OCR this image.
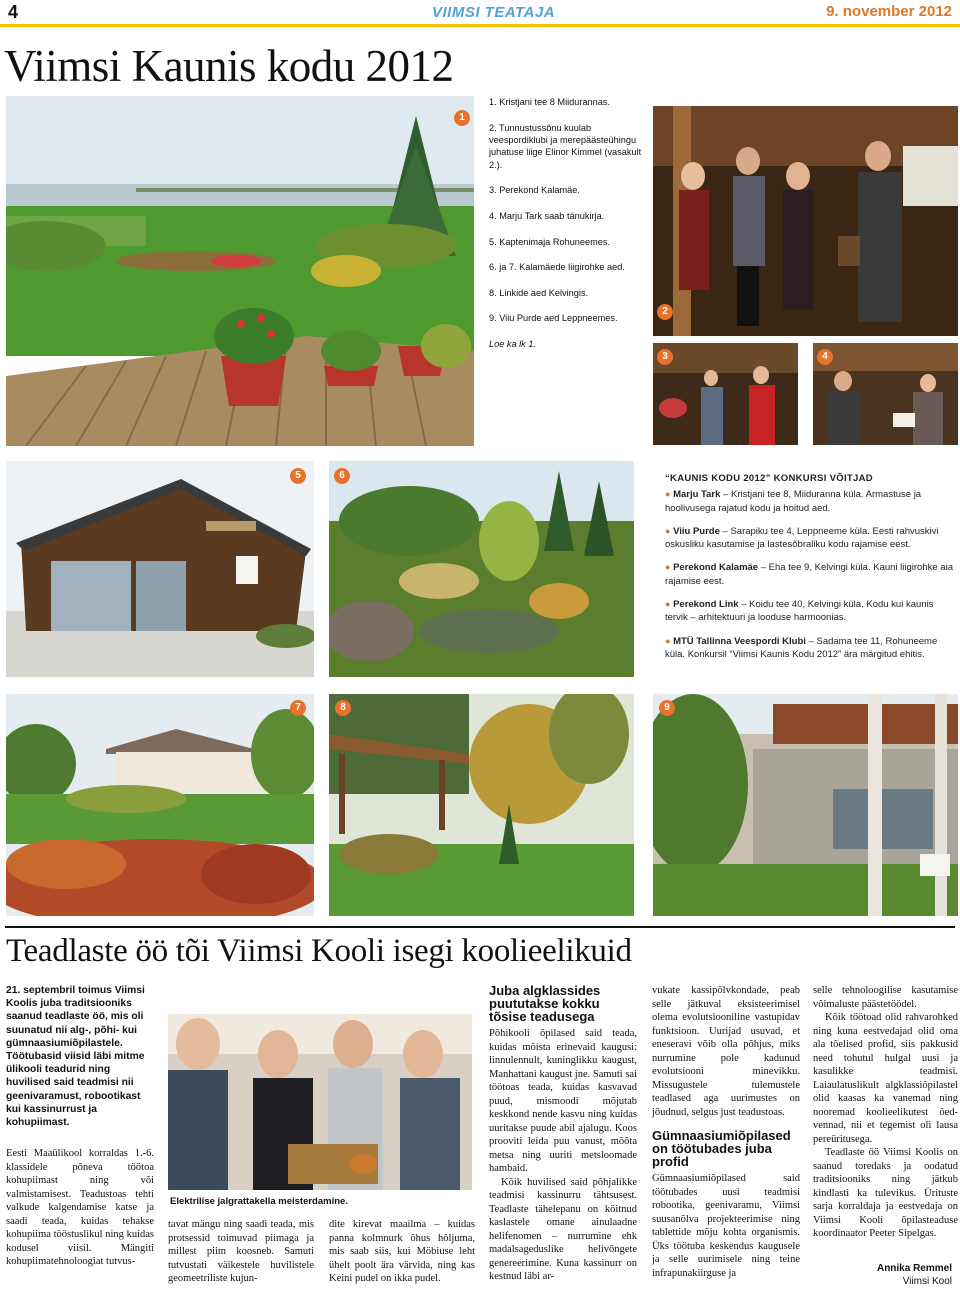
4	VIIMSI TEATAJA	9. november 2012
Viimsi Kaunis kodu 2012
1
1. Kristjani tee 8 Miidurannas.
2. Tunnustussõnu kuulab veespordiklubi ja merepäästeühingu juhatuse liige Elinor Kimmel (vasakult 2.).
3. Perekond Kalamäe.
4. Marju Tark saab tänukirja.
5. Kaptenimaja Rohuneemes.
6. ja 7. Kalamäede liigirohke aed.
8. Linkide aed Kelvingis.
9. Viiu Purde aed Leppneemes.
Loe ka lk 1.
2
3	4
5	6	“KAUNIS KODU 2012” KONKURSI VÕITJAD
● Marju Tark – Kristjani tee 8, Miiduranna küla. Armastuse ja hoolivusega rajatud kodu ja hoitud aed.
● Viiu Purde – Sarapiku tee 4, Leppneeme küla. Eesti rahvuskivi oskusliku kasutamise ja lastesõbraliku kodu rajamise eest.
● Perekond Kalamäe – Eha tee 9, Kelvingi küla. Kauni liigirohke aia rajamise eest.
● Perekond Link – Koidu tee 40, Kelvingi küla. Kodu kui kaunis tervik – arhitektuuri ja looduse harmoonias.
● MTÜ Tallinna Veespordi Klubi – Sadama tee 11, Rohuneeme küla. Konkursil “Viimsi Kaunis Kodu 2012” ära märgitud ehitis.
7	8	9
Teadlaste öö tõi Viimsi Kooli isegi koolieelikuid
21. septembril toimus Viimsi Koolis juba traditsiooniks saanud teadlaste öö, mis oli suunatud nii alg-, põhi- kui gümnaasiumiõpilastele. Töötubasid viisid läbi mitme ülikooli teadurid ning huvilised said teadmisi nii geenivaramust, robootikast kui kassinurrust ja kohupiimast.
Eesti Maaülikool korraldas 1.-6. klassidele põneva töötoa kohupiimast ning või valmistamisest. Teadustoas tehti valkude kalgendamise katse ja saadi teada, kuidas tehakse kohupiima tööstuslikul ning kuidas kodusel viisil. Mängiti kohupiimatehnoloogiat tutvus-
Elektrilise jalgrattakella meisterdamine.
tavat mängu ning saadi teada, mis protsessid toimuvad piimaga ja millest piim koosneb. Samuti tutvustati väikestele huvilistele geomeetriliste kujun-
dite kirevat maailma – kuidas panna kolmnurk õhus hõljuma, mis saab siis, kui Möbiuse leht ühelt poolt ära värvida, ning kas Keini pudel on ikka pudel.
Juba algklassides puututakse kokku tõsise teadusega
Põhikooli õpilased said teada, kuidas mõista erinevaid kaugusi: linnulennult, kuninglikku kaugust, Manhattani kaugust jne. Samuti sai töötoas teada, kuidas kasvavad puud, mismoodi mõjutab keskkond nende kasvu ning kuidas uuritakse puude abil ajalugu. Koos prooviti leida puu vanust, mõõta metsa ning uuriti metsloomade hambaid.
Kõik huvilised said põhjalikke teadmisi kassinurru tähtsusest. Teadlaste tähelepanu on köitnud kaslastele omane ainulaadne helifenomen – nurrumine ehk madalsageduslike helivõngete genereerimine. Kuna kassinurr on kestnud läbi ar-
vukate kassipõlvkondade, peab selle jätkuval eksisteerimisel olema evolutsiooniline vastupidav funktsioon. Uurijad usuvad, et eneseravi võib olla põhjus, miks nurrumine pole kadunud evolutsiooni minevikku. Missugustele tulemustele teadlased aga uurimustes on jõudnud, selgus just teadustoas.
Gümnaasiumiõpilased on töötubades juba profid
Gümnaasiumiõpilased said töötubades uusi teadmisi robootika, geenivaramu, Viimsi suusanõlva projekteerimise ning tablettide mõju kohta organismis. Üks töötuba keskendus kaugusele ja selle uurimisele ning teine infrapunakiirguse ja
selle tehnoloogilise kasutamise võimaluste päästetöödel.
Kõik töötoad olid rahvarohked ning kuna eestvedajad olid oma ala tõelised profid, siis pakkusid need tohutul hulgal uusi ja kasulikke teadmisi. Laiaulatuslikult algklassiõpilastel olid kaasas ka vanemad ning nooremad koolieelikutest õed-vennad, nii et tegemist oli lausa pereüritusega.
Teadlaste öö Viimsi Koolis on saanud toredaks ja oodatud traditsiooniks ning jätkub kindlasti ka tulevikus. Ürituste sarja korraldaja ja eestvedaja on Viimsi Kooli õpilasteaduse koordinaator Peeter Sipelgas.
Annika Remmel
Viimsi Kool
